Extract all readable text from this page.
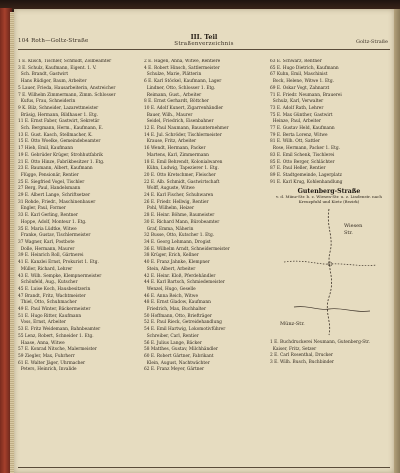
104 Roth—Goltz-Straße	III. Teil
Straßenverzeichnis	Goltz-Straße
1 E. Klisch, Tischler, Schmidt, Zollbeamter
3 E. Schulz, Kaufmann, Eigent. 1. V.
Sch. Brandt, Gastwirt
Hans Rüdiger, Baum, Arbeiter
5 Lauer, Frieda, Hausarbeiterin, Anstreicher
7 E. Wilhelm Zimmermann, Zimm. Schlosser
Kufus, Frau, Schneiderin
9 K. Bilz, Schneider, Lazarettmeister
Bräsig, Hermann, Bildhauer 1. Etg.
11 E. Ernst Faber, Gastwirt, Sekretär
Sch. Bergmann, Herm., Kaufmann, E.
13 E. Gust. Kasch, Stellmacher, K.
15 E. Otto Woelke, Gemeindebeamter
17 Hieb, Emil, Kaufmann
19 E. Gebrüder Krüger, Strohhutfabrik
21 E. Otto Hinze, Fabrikbesitzer 1. Etg.
23 E. Baumann, Albert, Kaufmann
Flügge, Pensionär, Rentier
25 E. Siegfried Vogel, Tischler
27 Berg, Paul, Handelsmann
29 E. Albert Lange, Schriftsetzer
31 Rohde, Friedr., Maschinenbauer
Engler, Paul, Former
33 E. Karl Gerling, Rentner
Hoppe, Adolf, Monteur 1. Etg.
35 E. Maria Lüdtke, Witwe
Franke, Gustav, Tischlermeister
37 Wagner, Karl, Postbote
Dolle, Hermann, Maurer
39 E. Heinrich Roll, Gärtnerei
41 E. Kanzlei Ernst, Prokurist 1. Etg.
Müller, Richard, Lehrer
43 E. Wilh. Sempke, Klempnermeister
Schönfeld, Aug., Kutscher
45 E. Luise Koch, Hausbesitzerin
47 Brandt, Fritz, Wachtmeister
Thiel, Otto, Schuhmacher
49 E. Paul Winter, Bäckermeister
51 E. Hugo Ritter, Kaufmann
Voss, Ernst, Arbeiter
53 E. Fritz Weidemann, Bahnbeamter
55 Lenz, Robert, Schneider 1. Etg.
Haase, Anna, Witwe
57 E. Konrad Nitsche, Malermeister
59 Ziegler, Max, Fuhrherr
61 E. Walter Jäger, Uhrmacher
Peters, Heinrich, Invalide
2 E. Hagen, Anna, Witwe, Rentiere
4 E. Robert Hinsch, Sattlermeister
Schulze, Marie, Plätterin
6 E. Karl Stöckel, Kaufmann, Lager
Lindner, Otto, Schlosser 1. Etg.
Reimann, Gust., Arbeiter
8 E. Ernst Gerhardt, Böttcher
10 E. Adolf Kunert, Zigarrenhändler
Bauer, Wilh., Maurer
Seidel, Friedrich, Eisenbahner
12 E. Paul Naumann, Bauunternehmer
14 E. Jul. Schröder, Tischlermeister
Krause, Fritz, Arbeiter
16 Wendt, Hermann, Packer
Martens, Karl, Zimmermann
18 E. Emil Behrendt, Kolonialwaren
Kühn, Ludwig, Tapezierer 1. Etg.
20 E. Otto Kretschmer, Fleischer
22 E. Alb. Schmidt, Gastwirtschaft
Wolff, Auguste, Witwe
24 E. Karl Fischer, Schuhwaren
26 E. Friedr. Hellwig, Rentier
Pohl, Wilhelm, Heizer
28 E. Heinr. Böhme, Baumeister
30 E. Richard Mann, Bürobeamter
Graf, Emma, Näherin
32 Busse, Otto, Kutscher 1. Etg.
34 E. Georg Lehmann, Drogist
36 E. Wilhelm Arndt, Schneidermeister
38 Krüger, Erich, Kellner
40 E. Franz Jahnke, Klempner
Stein, Albert, Arbeiter
42 E. Heinr. Kloß, Pferdehändler
44 E. Karl Bartsch, Schmiedemeister
Wenzel, Hugo, Geselle
46 E. Anna Reich, Witwe
48 E. Ernst Gladow, Kaufmann
Friedrich, Max, Buchhalter
50 Hoffmann, Otto, Briefträger
52 E. Paul Rieck, Getreidehandlung
54 E. Emil Hartwig, Lokomotivführer
Schreiber, Carl, Rentier
56 E. Julius Lange, Bäcker
58 Matthes, Gustav, Milchhändler
60 E. Robert Gärtner, Fabrikant
Klein, August, Nachtwächter
62 E. Franz Meyer, Gärtner
63 E. Schwarz, Rentner
65 E. Hugo Dietrich, Kaufmann
67 Kuhn, Emil, Maschinist
Bock, Helene, Witwe 1. Etg.
69 E. Oskar Vogt, Zahnarzt
71 E. Friedr. Neumann, Brauerei
Schulz, Karl, Verwalter
73 E. Adolf Rath, Lehrer
75 E. Max Günther, Gastwirt
Heinze, Paul, Arbeiter
77 E. Gustav Held, Kaufmann
79 E. Berta Lorenz, Witwe
81 E. Wilh. Ott, Sattler
Rose, Hermann, Packer 1. Etg.
83 E. Emil Schenk, Tischlerei
85 E. Otto Berger, Schlächter
87 E. Paul Heller, Rentier
89 E. Stadtgemeinde, Lagerplatz
91 E. Karl Krug, Kohlenhandlung
Gutenberg-Straße
v. d. Münz-Str. b. z. Wiesen-Str. u. z. Lindenstr. nach Kreuzpfuhl und Kietz (Bezirk)
Wiesen
Str.
Münz-Str.
1 E. Buchdruckerei Neumann, Gutenberg-Str.
Kaiser, Fritz, Setzer
2 E. Carl Rosenthal, Drucker
3 E. Wilh. Busch, Buchbinder
